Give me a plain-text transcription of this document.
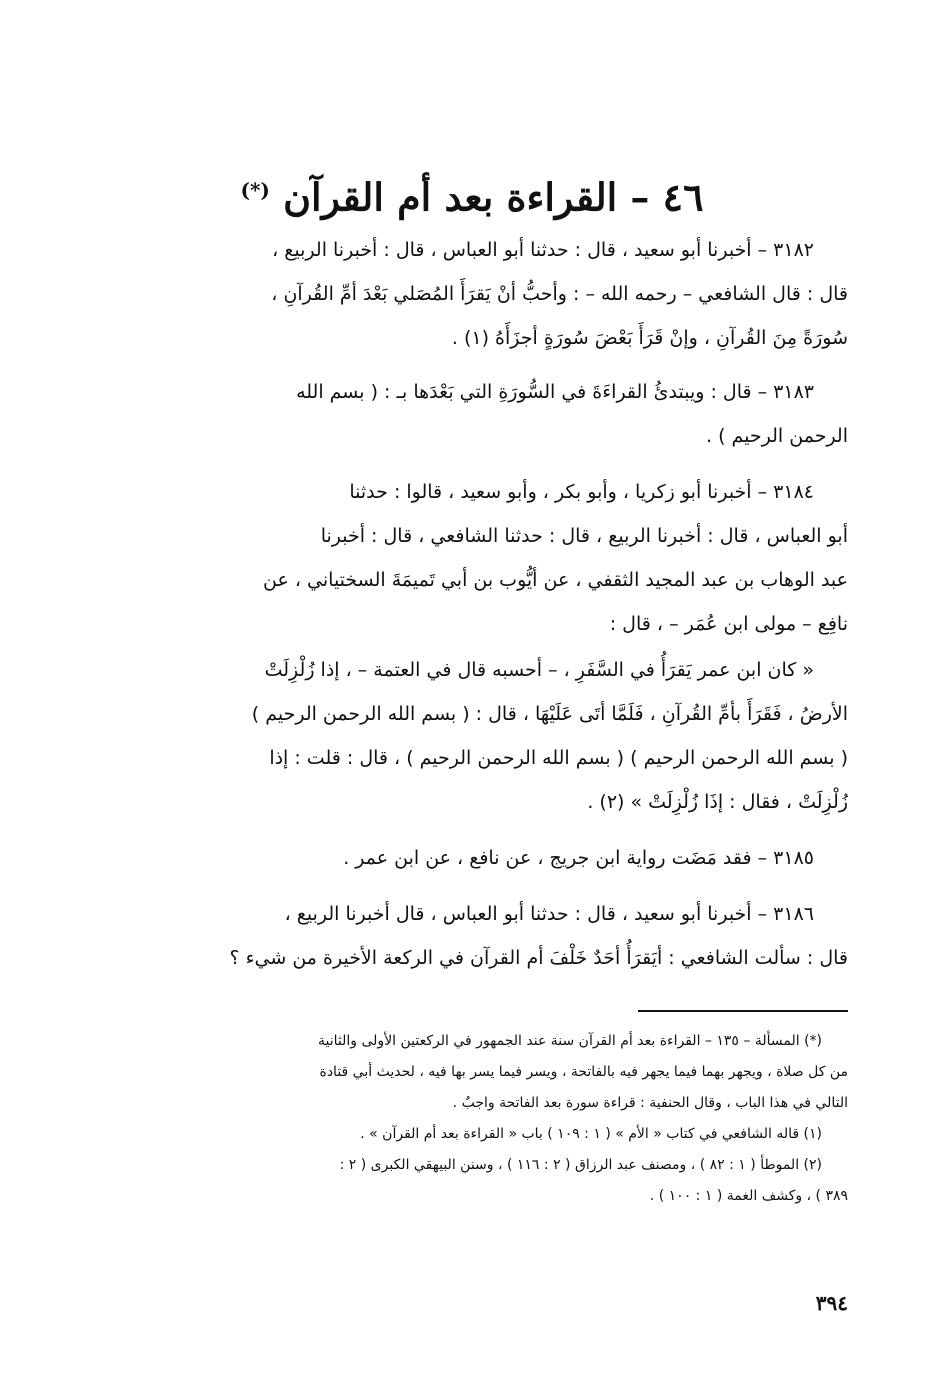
٤٦ – القراءة بعد أم القرآن (*)
٣١٨٢ – أخبرنا أبو سعيد ، قال : حدثنا أبو العباس ، قال : أخبرنا الربيع ،
قال : قال الشافعي – رحمه الله – : وأحبُّ أنْ يَقرَأَ المُصَلي بَعْدَ أمِّ القُرآنِ ،
سُورَةً مِنَ القُرآنِ ، وإنْ قَرَأَ بَعْضَ سُورَةٍ أجزَأَهُ (١) .
٣١٨٣ – قال : ويبتدئُ القراءَةَ في السُّورَةِ التي بَعْدَها بـ : ( بسم الله
الرحمن الرحيم ) .
٣١٨٤ – أخبرنا أبو زكريا ، وأبو بكر ، وأبو سعيد ، قالوا : حدثنا
أبو العباس ، قال : أخبرنا الربيع ، قال : حدثنا الشافعي ، قال : أخبرنا
عبد الوهاب بن عبد المجيد الثقفي ، عن أيُّوب بن أبي تَميمَةَ السختياني ، عن
نافِع – مولى ابن عُمَر – ، قال :
« كان ابن عمر يَقرَأُ في السَّفَرِ ، – أحسبه قال في العتمة – ، إذا زُلْزِلَتْ
الأرضُ ، فَقَرَأَ بأمِّ القُرآنِ ، فَلَمَّا أتَى عَلَيْهَا ، قال : ( بسم الله الرحمن الرحيم )
( بسم الله الرحمن الرحيم ) ( بسم الله الرحمن الرحيم ) ، قال : قلت : إذا
زُلْزِلَتْ ، فقال : إذَا زُلْزِلَتْ » (٢) .
٣١٨٥ – فقد مَضَت رواية ابن جريج ، عن نافع ، عن ابن عمر .
٣١٨٦ – أخبرنا أبو سعيد ، قال : حدثنا أبو العباس ، قال أخبرنا الربيع ،
قال : سألت الشافعي : أيَقرَأُ أحَدٌ خَلْفَ أم القرآن في الركعة الأخيرة من شيء ؟
(*) المسألة – ١٣٥ – القراءة بعد أم القرآن سنة عند الجمهور في الركعتين الأولى والثانية
من كل صلاة ، ويجهر بهما فيما يجهر فيه بالفاتحة ، ويسر فيما يسر بها فيه ، لحديث أبي قتادة
التالي في هذا الباب ، وقال الحنفية : قراءة سورة بعد الفاتحة واجبٌ .
(١) قاله الشافعي في كتاب « الأم » ( ١ : ١٠٩ ) باب « القراءة بعد أم القرآن » .
(٢) الموطأ ( ١ : ٨٢ ) ، ومصنف عبد الرزاق ( ٢ : ١١٦ ) ، وسنن البيهقي الكبرى ( ٢ :
٣٨٩ ) ، وكشف الغمة ( ١ : ١٠٠ ) .
٣٩٤
